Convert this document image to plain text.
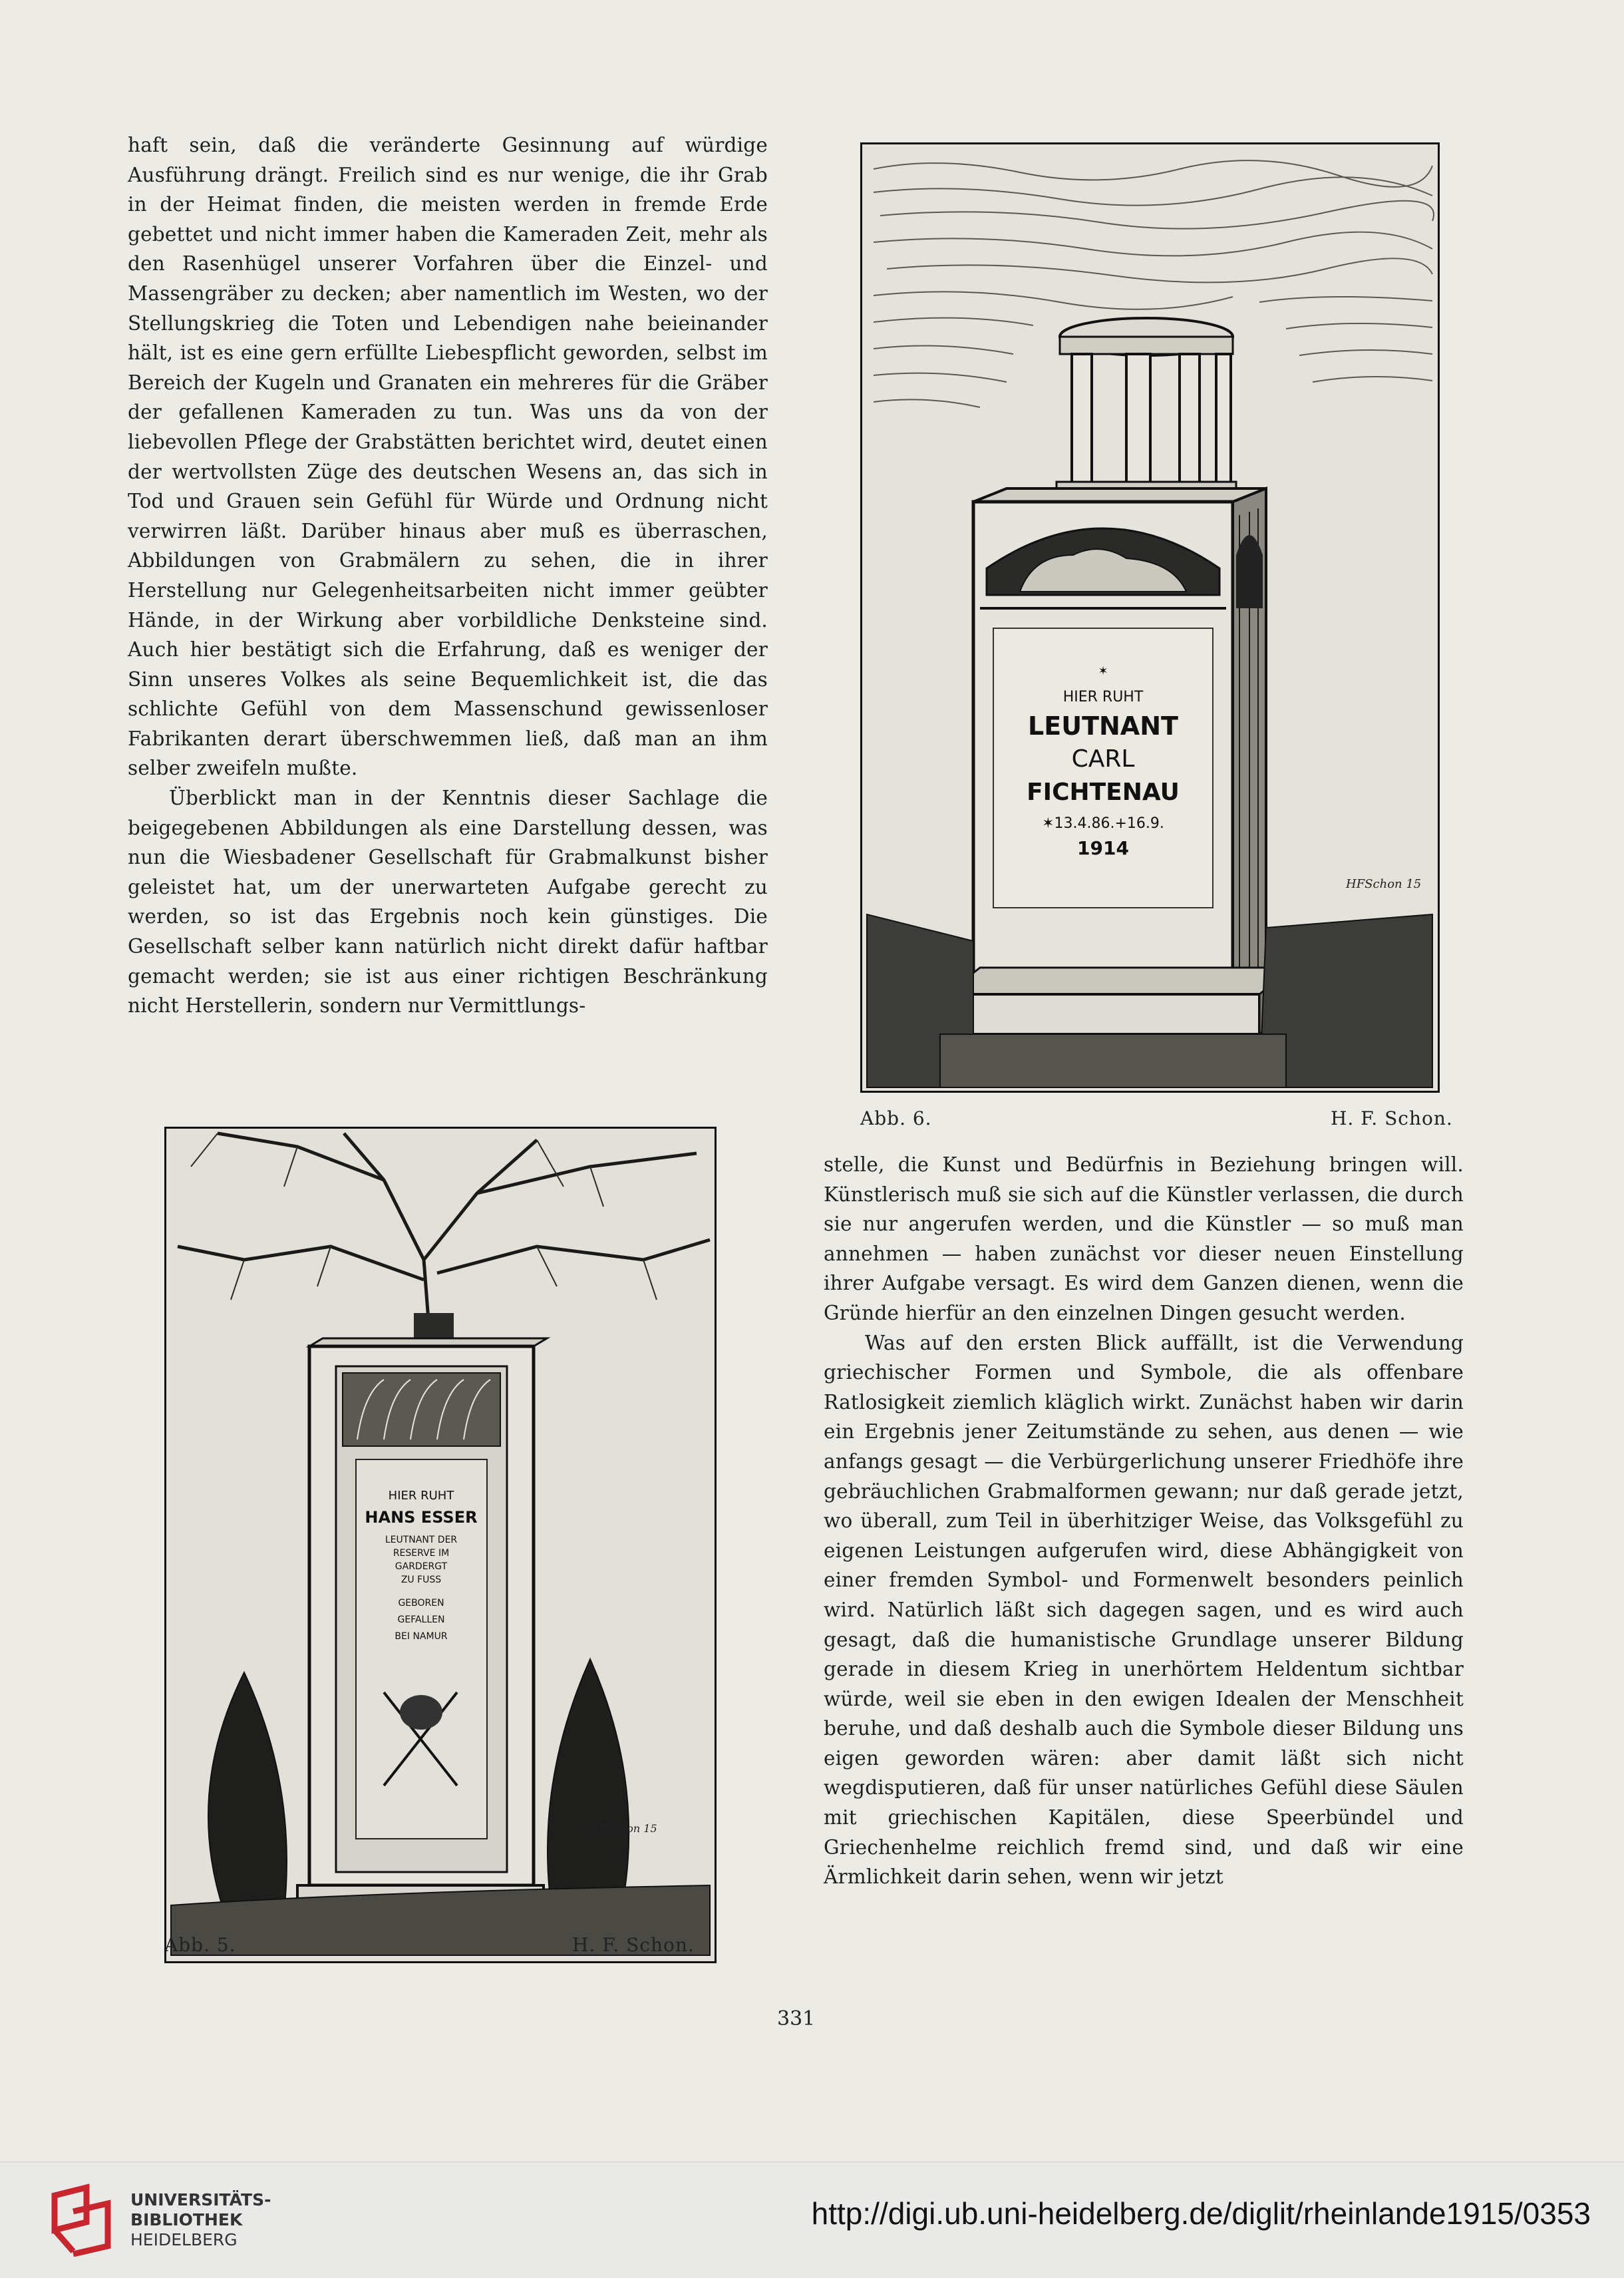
haft sein, daß die veränderte Gesinnung auf würdige Ausführung drängt. Freilich sind es nur wenige, die ihr Grab in der Heimat finden, die meisten werden in fremde Erde gebettet und nicht immer haben die Kameraden Zeit, mehr als den Rasenhügel unserer Vorfahren über die Einzel- und Massengräber zu decken; aber namentlich im Westen, wo der Stellungskrieg die Toten und Lebendigen nahe beieinander hält, ist es eine gern erfüllte Liebespflicht geworden, selbst im Bereich der Kugeln und Granaten ein mehreres für die Gräber der gefallenen Kameraden zu tun. Was uns da von der liebevollen Pflege der Grabstätten berichtet wird, deutet einen der wertvollsten Züge des deutschen Wesens an, das sich in Tod und Grauen sein Gefühl für Würde und Ordnung nicht verwirren läßt. Darüber hinaus aber muß es überraschen, Abbildungen von Grabmälern zu sehen, die in ihrer Herstellung nur Gelegenheitsarbeiten nicht immer geübter Hände, in der Wirkung aber vorbildliche Denksteine sind. Auch hier bestätigt sich die Erfahrung, daß es weniger der Sinn unseres Volkes als seine Bequemlichkeit ist, die das schlichte Gefühl von dem Massenschund gewissenloser Fabrikanten derart überschwemmen ließ, daß man an ihm selber zweifeln mußte.

Überblickt man in der Kenntnis dieser Sachlage die beigegebenen Abbildungen als eine Darstellung dessen, was nun die Wiesbadener Gesellschaft für Grabmalkunst bisher geleistet hat, um der unerwarteten Aufgabe gerecht zu werden, so ist das Ergebnis noch kein günstiges. Die Gesellschaft selber kann natürlich nicht direkt dafür haftbar gemacht werden; sie ist aus einer richtigen Beschränkung nicht Herstellerin, sondern nur Vermittlungs-

✶
HIER RUHT
LEUTNANT
CARL
FICHTENAU
✶13.4.86.+16.9.
1914
HFSchon 15
Abb. 6.	H. F. Schon.
HIER RUHT
HANS ESSER
LEUTNANT DER
RESERVE IM
GARDERGT
ZU FUSS
GEBOREN
GEFALLEN
BEI NAMUR
HFSchon 15
Abb. 5.	H. F. Schon.

stelle, die Kunst und Bedürfnis in Beziehung bringen will. Künstlerisch muß sie sich auf die Künstler verlassen, die durch sie nur angerufen werden, und die Künstler — so muß man annehmen — haben zunächst vor dieser neuen Einstellung ihrer Aufgabe versagt. Es wird dem Ganzen dienen, wenn die Gründe hierfür an den einzelnen Dingen gesucht werden.

Was auf den ersten Blick auffällt, ist die Verwendung griechischer Formen und Symbole, die als offenbare Ratlosigkeit ziemlich kläglich wirkt. Zunächst haben wir darin ein Ergebnis jener Zeitumstände zu sehen, aus denen — wie anfangs gesagt — die Verbürgerlichung unserer Friedhöfe ihre gebräuchlichen Grabmalformen gewann; nur daß gerade jetzt, wo überall, zum Teil in überhitziger Weise, das Volksgefühl zu eigenen Leistungen aufgerufen wird, diese Abhängigkeit von einer fremden Symbol- und Formenwelt besonders peinlich wird. Natürlich läßt sich dagegen sagen, und es wird auch gesagt, daß die humanistische Grundlage unserer Bildung gerade in diesem Krieg in unerhörtem Heldentum sichtbar würde, weil sie eben in den ewigen Idealen der Menschheit beruhe, und daß deshalb auch die Symbole dieser Bildung uns eigen geworden wären: aber damit läßt sich nicht wegdisputieren, daß für unser natürliches Gefühl diese Säulen mit griechischen Kapitälen, diese Speerbündel und Griechenhelme reichlich fremd sind, und daß wir eine Ärmlichkeit darin sehen, wenn wir jetzt

331
UNIVERSITÄTS-
BIBLIOTHEK
HEIDELBERG
http://digi.ub.uni-heidelberg.de/diglit/rheinlande1915/0353
